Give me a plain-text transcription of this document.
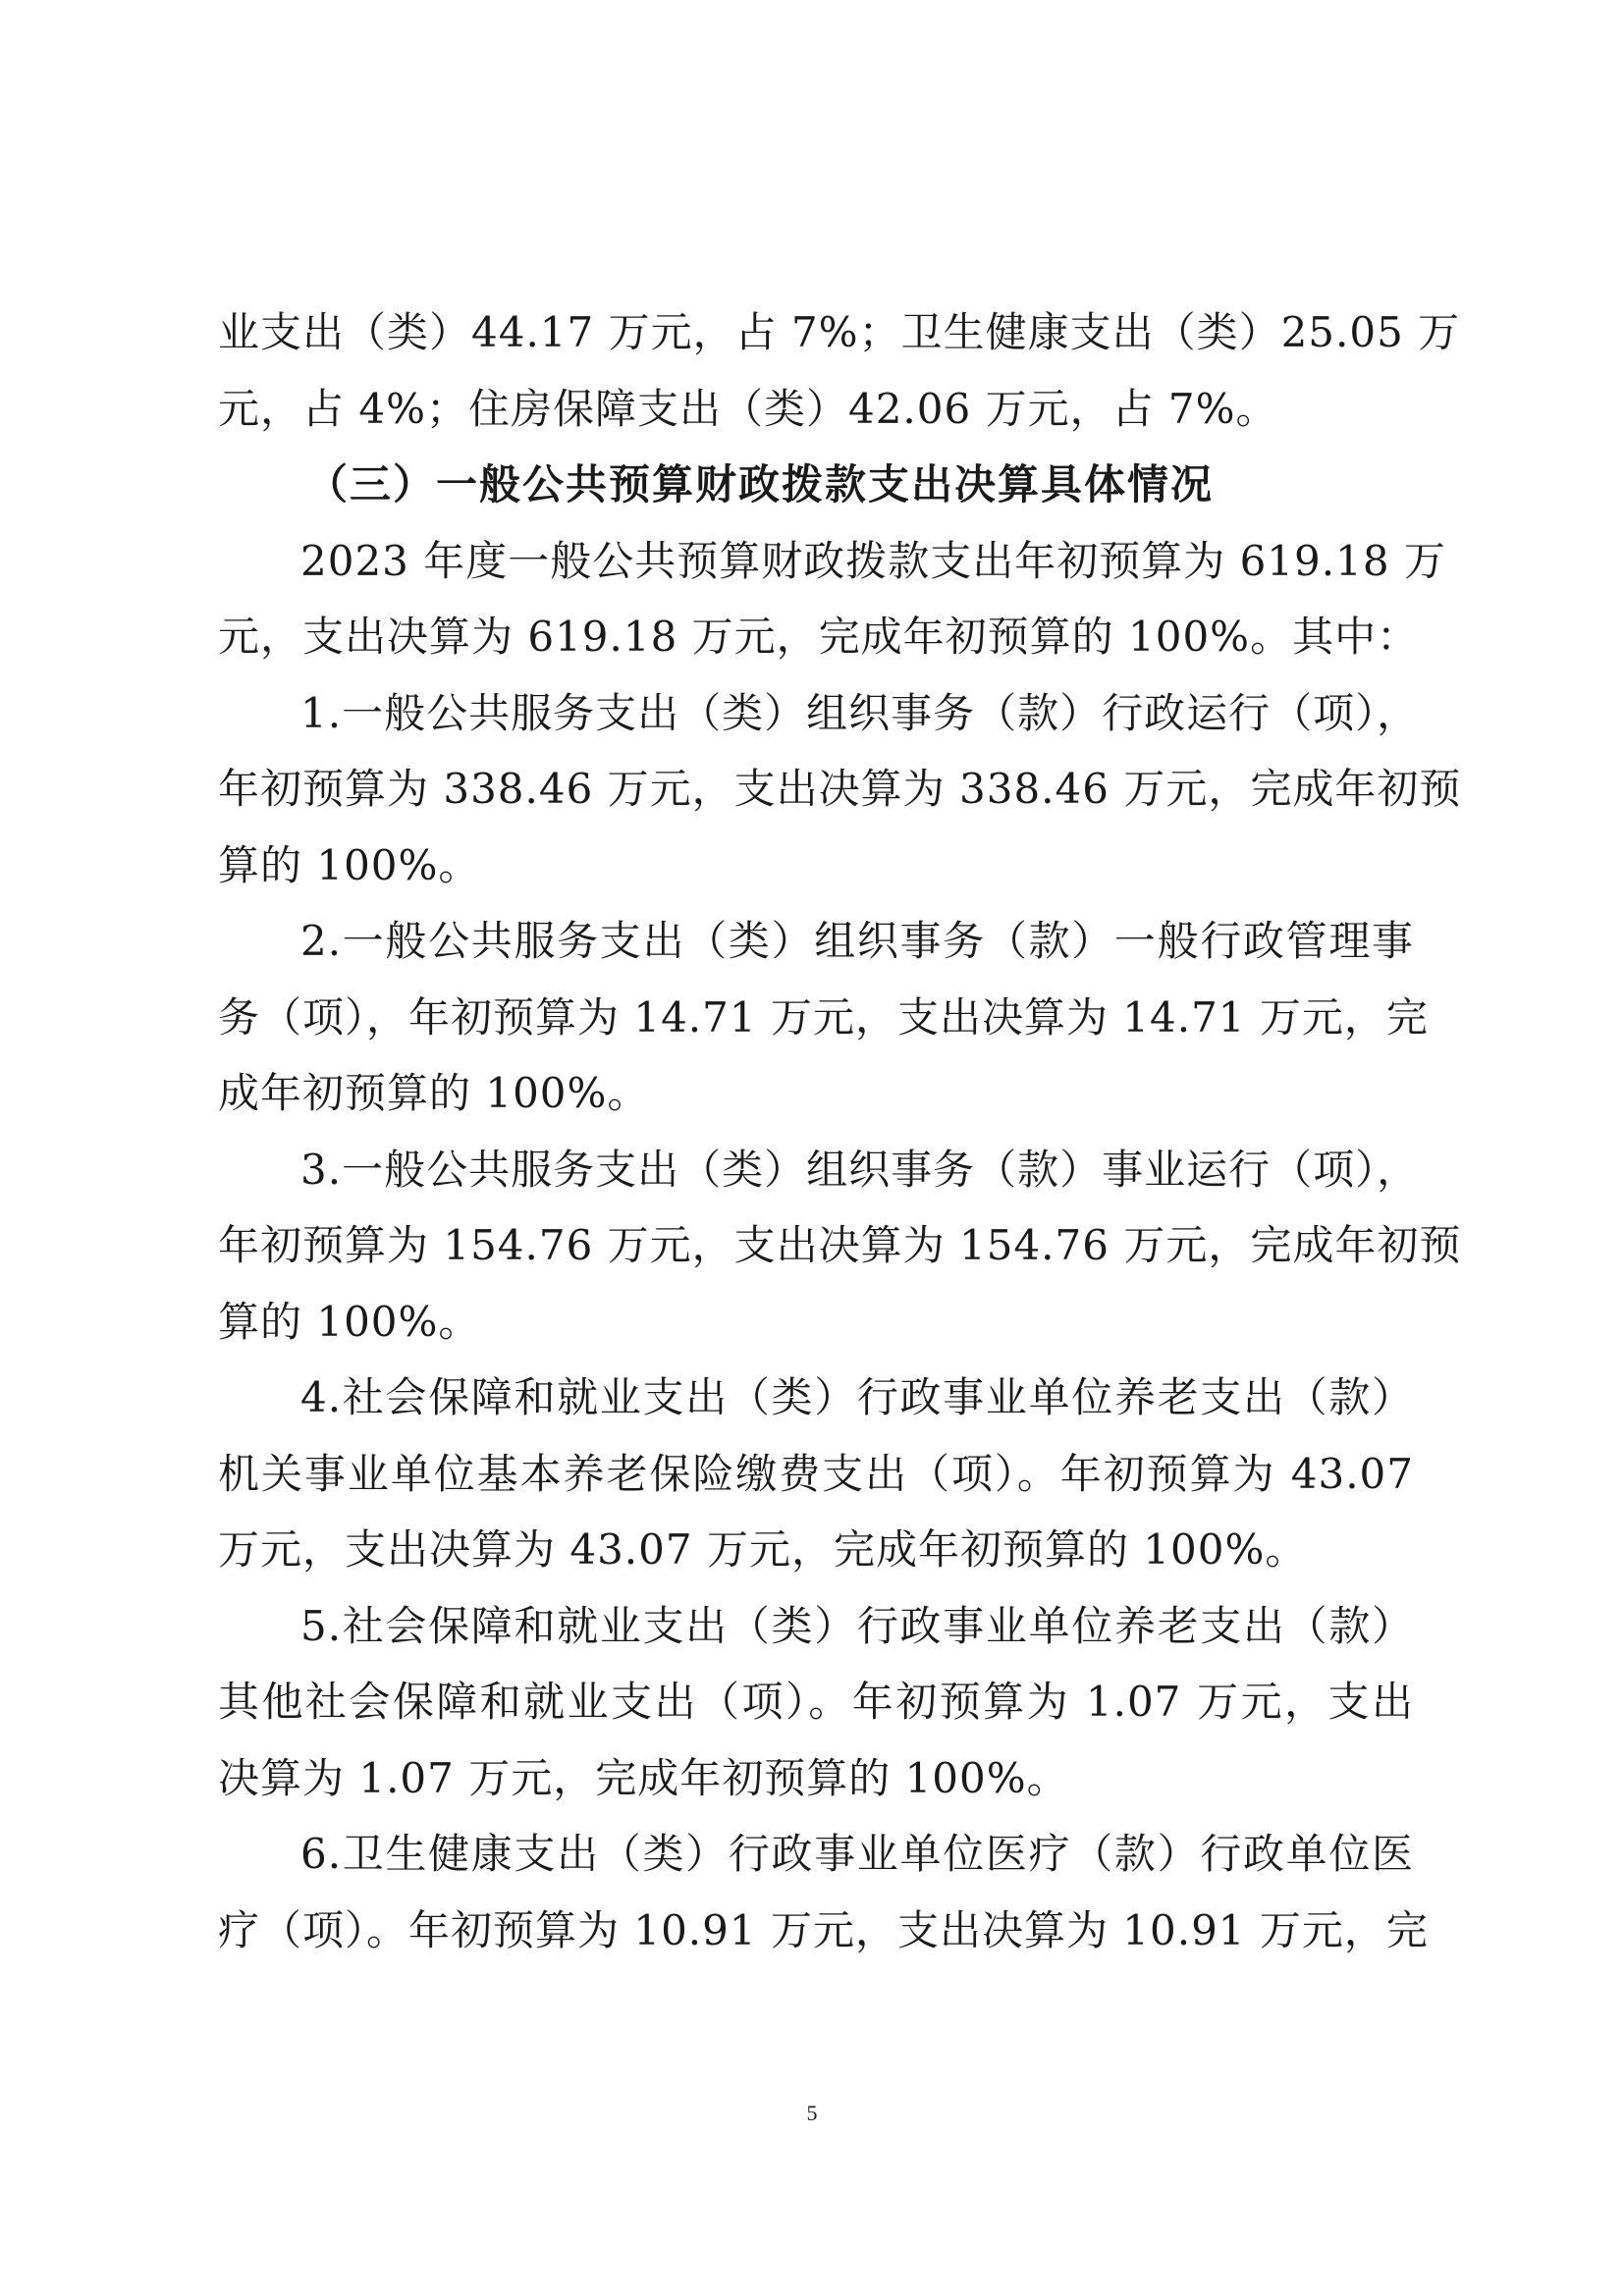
业支出（类）44.17 万元，占 7%；卫生健康支出（类）25.05 万
元，占 4%；住房保障支出（类）42.06 万元，占 7%。
（三）一般公共预算财政拨款支出决算具体情况
2023 年度一般公共预算财政拨款支出年初预算为 619.18 万
元，支出决算为 619.18 万元，完成年初预算的 100%。其中：
1.一般公共服务支出（类）组织事务（款）行政运行（项），
年初预算为 338.46 万元，支出决算为 338.46 万元，完成年初预
算的 100%。
2.一般公共服务支出（类）组织事务（款）一般行政管理事
务（项），年初预算为 14.71 万元，支出决算为 14.71 万元，完
成年初预算的 100%。
3.一般公共服务支出（类）组织事务（款）事业运行（项），
年初预算为 154.76 万元，支出决算为 154.76 万元，完成年初预
算的 100%。
4.社会保障和就业支出（类）行政事业单位养老支出（款）
机关事业单位基本养老保险缴费支出（项）。年初预算为 43.07
万元，支出决算为 43.07 万元，完成年初预算的 100%。
5.社会保障和就业支出（类）行政事业单位养老支出（款）
其他社会保障和就业支出（项）。年初预算为 1.07 万元，支出
决算为 1.07 万元，完成年初预算的 100%。
6.卫生健康支出（类）行政事业单位医疗（款）行政单位医
疗（项）。年初预算为 10.91 万元，支出决算为 10.91 万元，完
5
